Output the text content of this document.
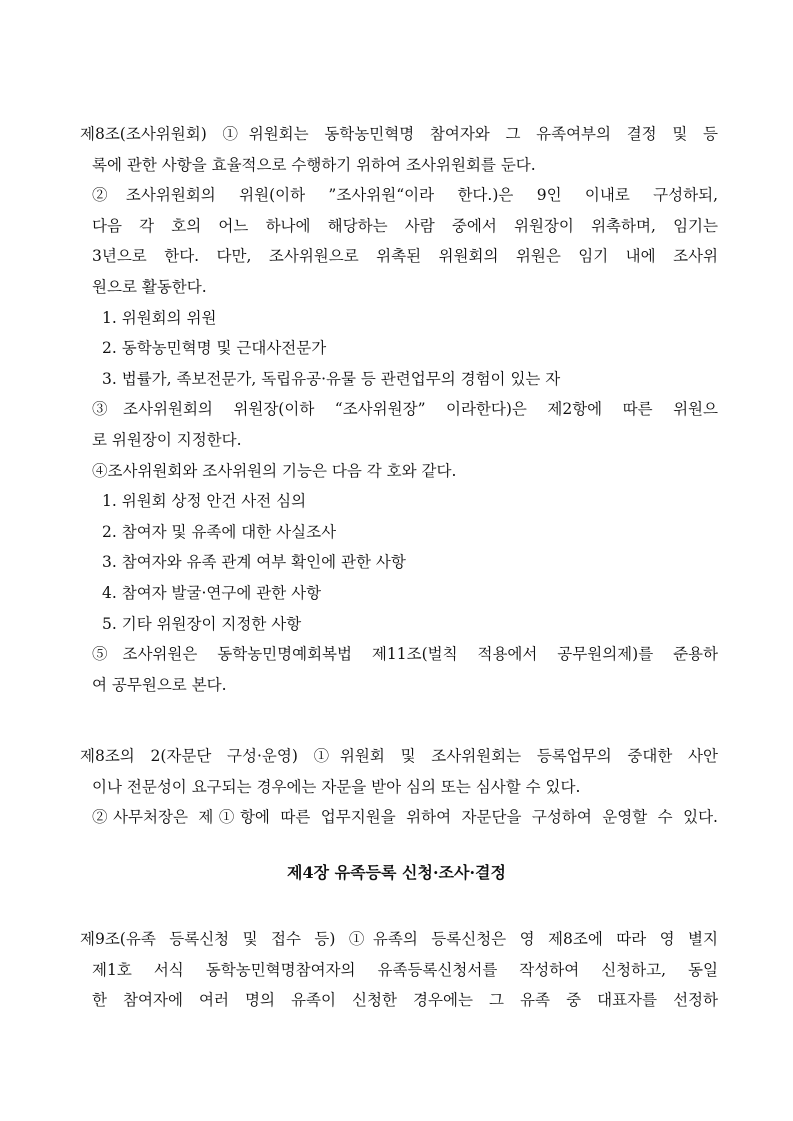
제8조(조사위원회) ①위원회는 동학농민혁명 참여자와 그 유족여부의 결정 및 등
록에 관한 사항을 효율적으로 수행하기 위하여 조사위원회를 둔다.
②조사위원회의 위원(이하 ”조사위원“이라 한다.)은 9인 이내로 구성하되,
다음 각 호의 어느 하나에 해당하는 사람 중에서 위원장이 위촉하며, 임기는
3년으로 한다. 다만, 조사위원으로 위촉된 위원회의 위원은 임기 내에 조사위
원으로 활동한다.
1. 위원회의 위원
2. 동학농민혁명 및 근대사전문가
3. 법률가, 족보전문가, 독립유공·유물 등 관련업무의 경험이 있는 자
③조사위원회의 위원장(이하 “조사위원장” 이라한다)은 제2항에 따른 위원으
로 위원장이 지정한다.
④조사위원회와 조사위원의 기능은 다음 각 호와 같다.
1. 위원회 상정 안건 사전 심의
2. 참여자 및 유족에 대한 사실조사
3. 참여자와 유족 관계 여부 확인에 관한 사항
4. 참여자 발굴·연구에 관한 사항
5. 기타 위원장이 지정한 사항
⑤조사위원은 동학농민명예회복법 제11조(벌칙 적용에서 공무원의제)를 준용하
여 공무원으로 본다.
제8조의 2(자문단 구성·운영) ①위원회 및 조사위원회는 등록업무의 중대한 사안
이나 전문성이 요구되는 경우에는 자문을 받아 심의 또는 심사할 수 있다.
②사무처장은 제①항에 따른 업무지원을 위하여 자문단을 구성하여 운영할 수 있다.
제4장 유족등록 신청·조사·결정
제9조(유족 등록신청 및 접수 등) ①유족의 등록신청은 영 제8조에 따라 영 별지
제1호 서식 동학농민혁명참여자의 유족등록신청서를 작성하여 신청하고, 동일
한 참여자에 여러 명의 유족이 신청한 경우에는 그 유족 중 대표자를 선정하
